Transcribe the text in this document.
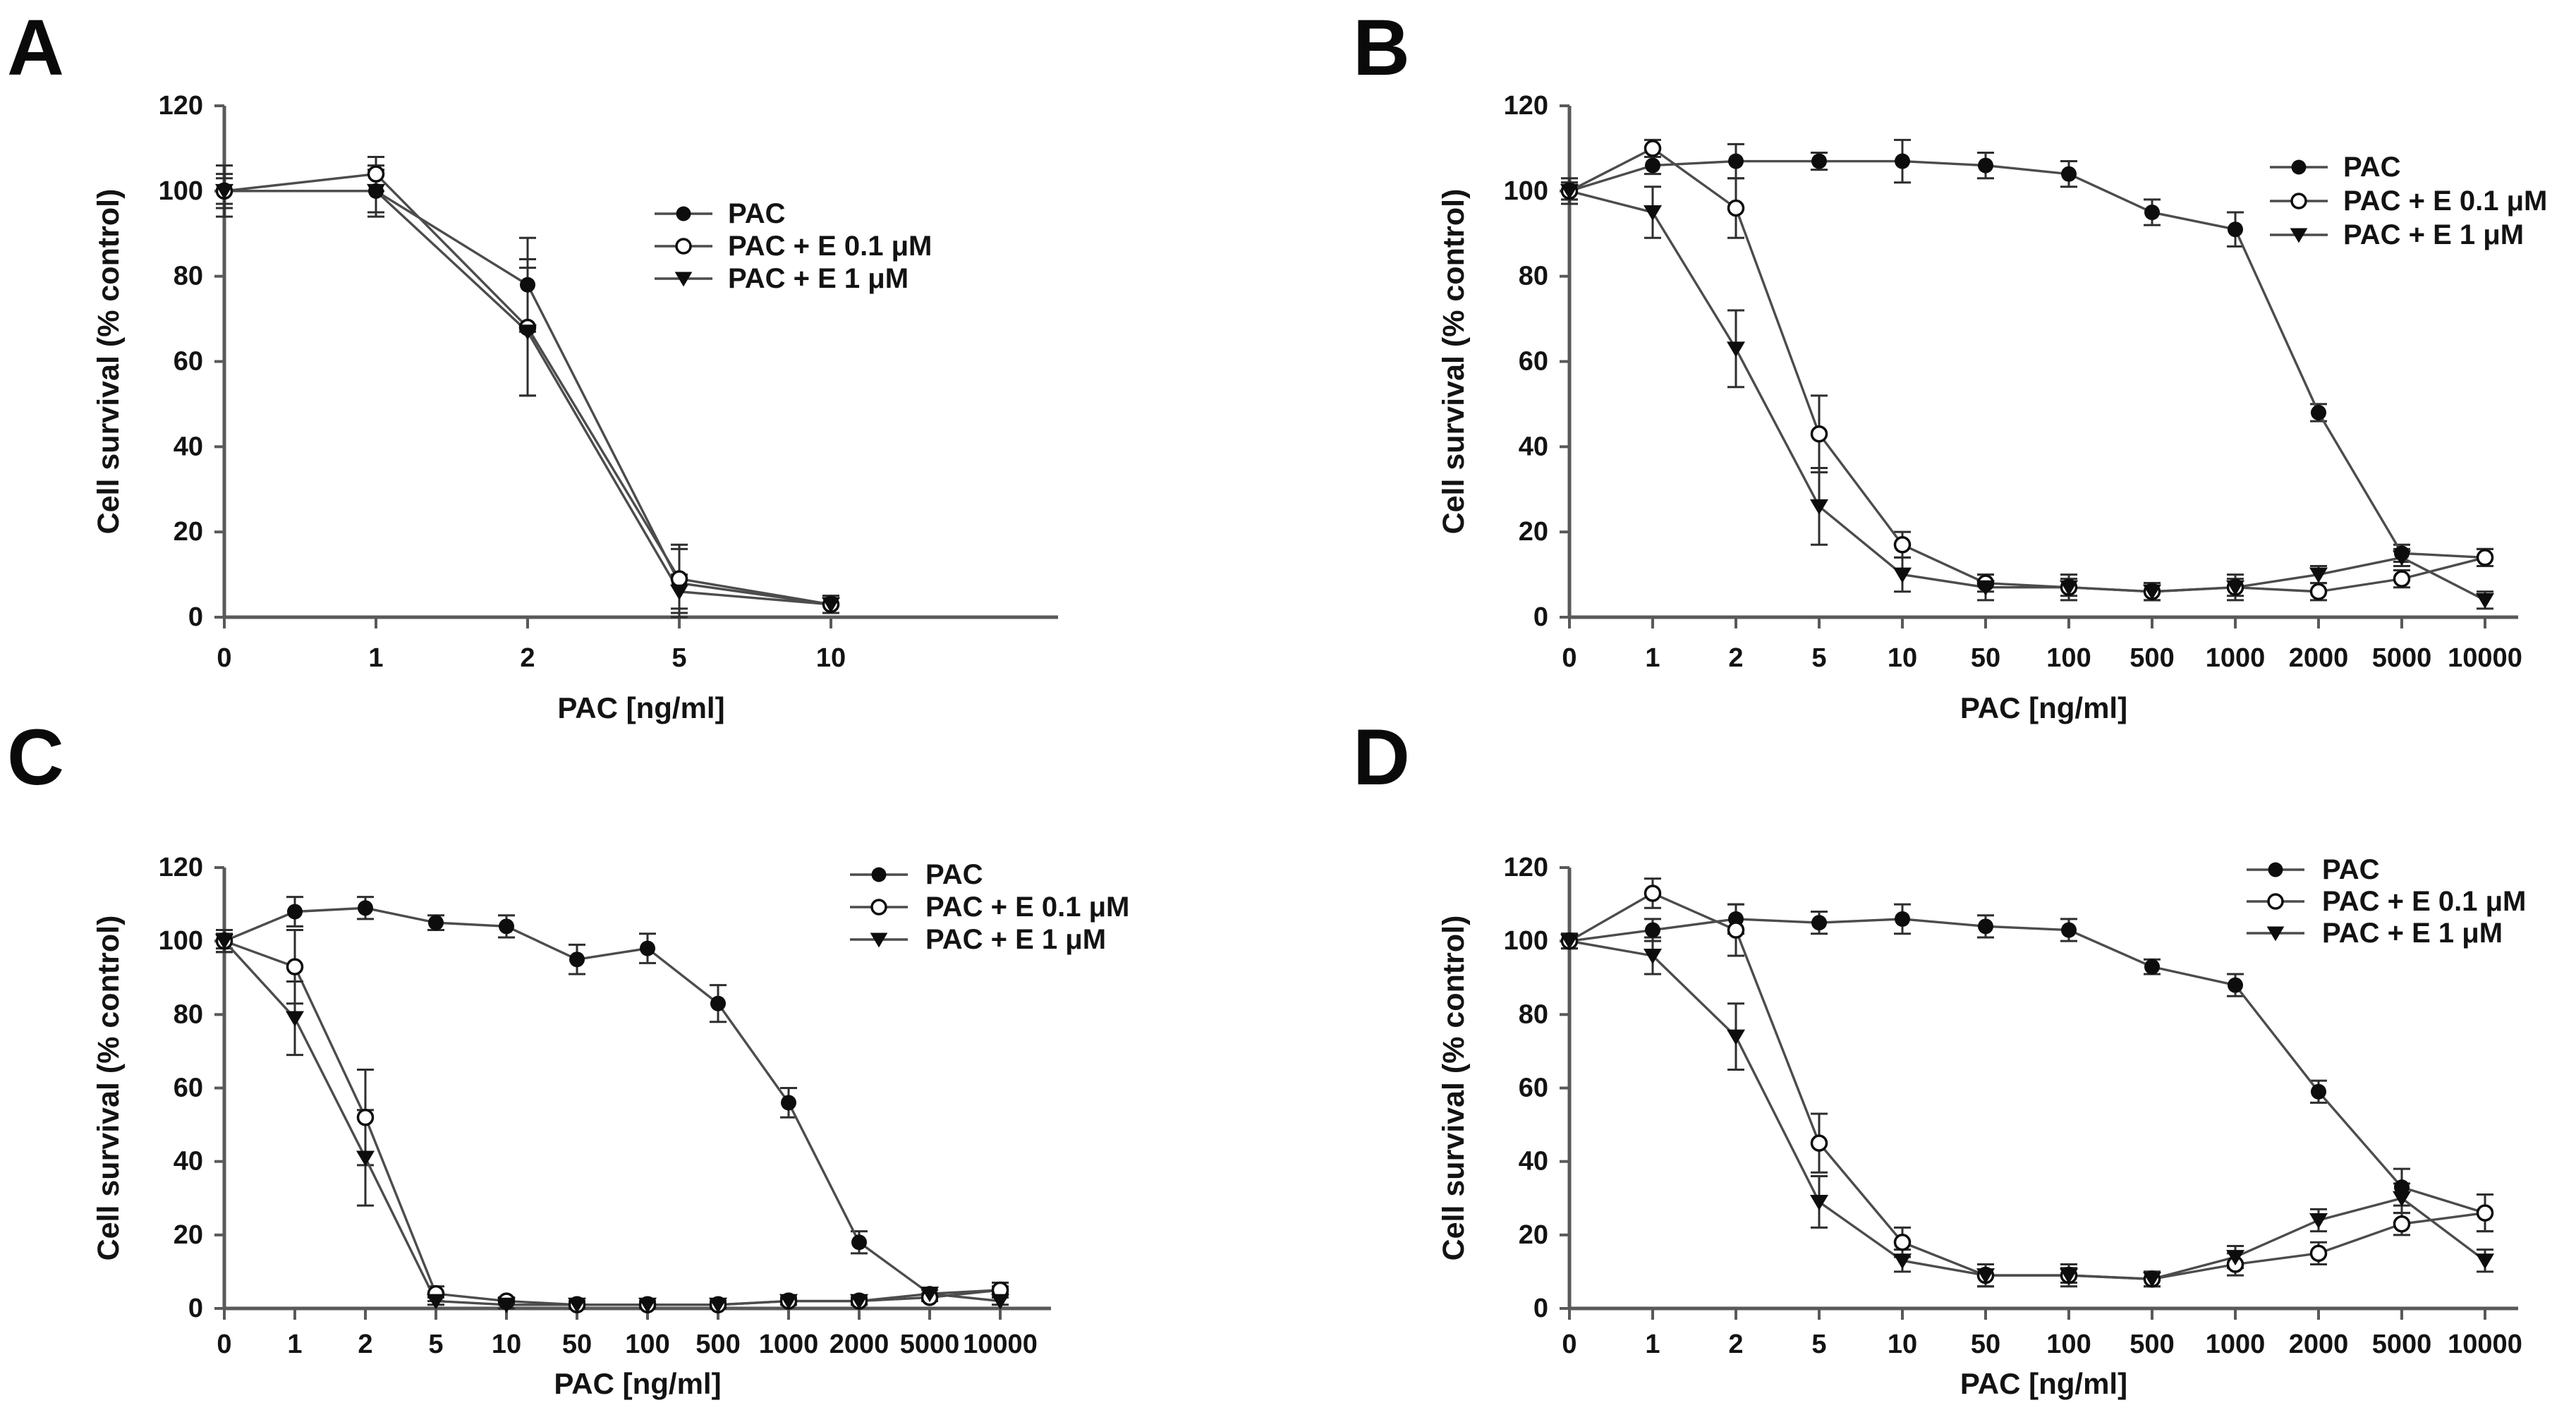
A	B
C	D
0
20
40
60
80
100
120
0	1	2	5	10
PAC [ng/ml]
Cell survival (% control)	PAC
PAC + E 0.1 μM
PAC + E 1 μM
0
20
40
60
80
100
120
0	1	2	5 10 50 100 500 1000 2000 5000 10000
PAC [ng/ml]
Cell survival (% control)
PAC
PAC + E 0.1 μM
PAC + E 1 μM
0
20
40
60
80
100
120
0 1 2 5 10 50 100 500 1000 2000 5000 10000
PAC [ng/ml]
Cell survival (% control)
PAC
PAC + E 0.1 μM
PAC + E 1 μM
0
20
40
60
80
100
120
0	1	2	5 10 50 100 500 1000 2000 5000 10000
PAC [ng/ml]
Cell survival (% control)
PAC
PAC + E 0.1 μM
PAC + E 1 μM
